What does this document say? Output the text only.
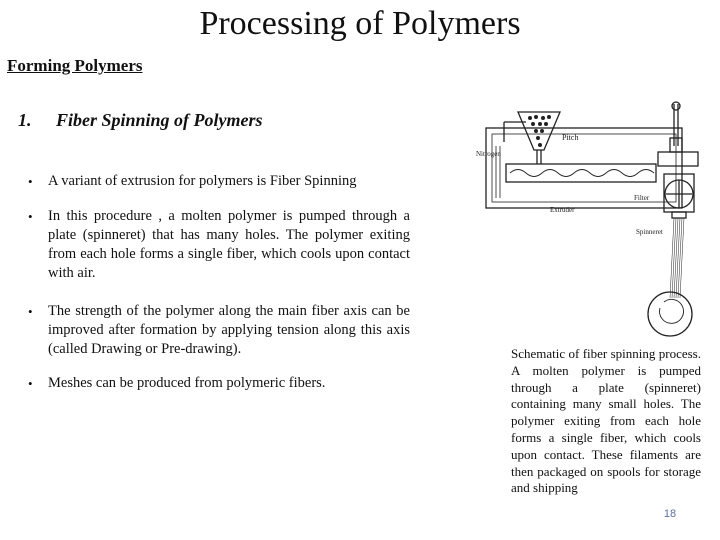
Processing of Polymers
Forming Polymers
1. Fiber Spinning of Polymers
• A variant of extrusion for polymers is Fiber Spinning
• In this procedure , a molten polymer is pumped through a plate (spinneret) that has many holes. The polymer exiting from each hole forms a single fiber, which cools upon contact with air.
• The strength of the polymer along the main fiber axis can be improved after formation by applying tension along this axis (called Drawing or Pre-drawing).
• Meshes can be produced from polymeric fibers.
Pitch
Nitrogen
Extruder
Filter
Spinneret
Schematic of fiber spinning process. A molten polymer is pumped through a plate (spinneret) containing many small holes. The polymer exiting from each hole forms a single fiber, which cools upon contact. These filaments are then packaged on spools for storage and shipping
18
